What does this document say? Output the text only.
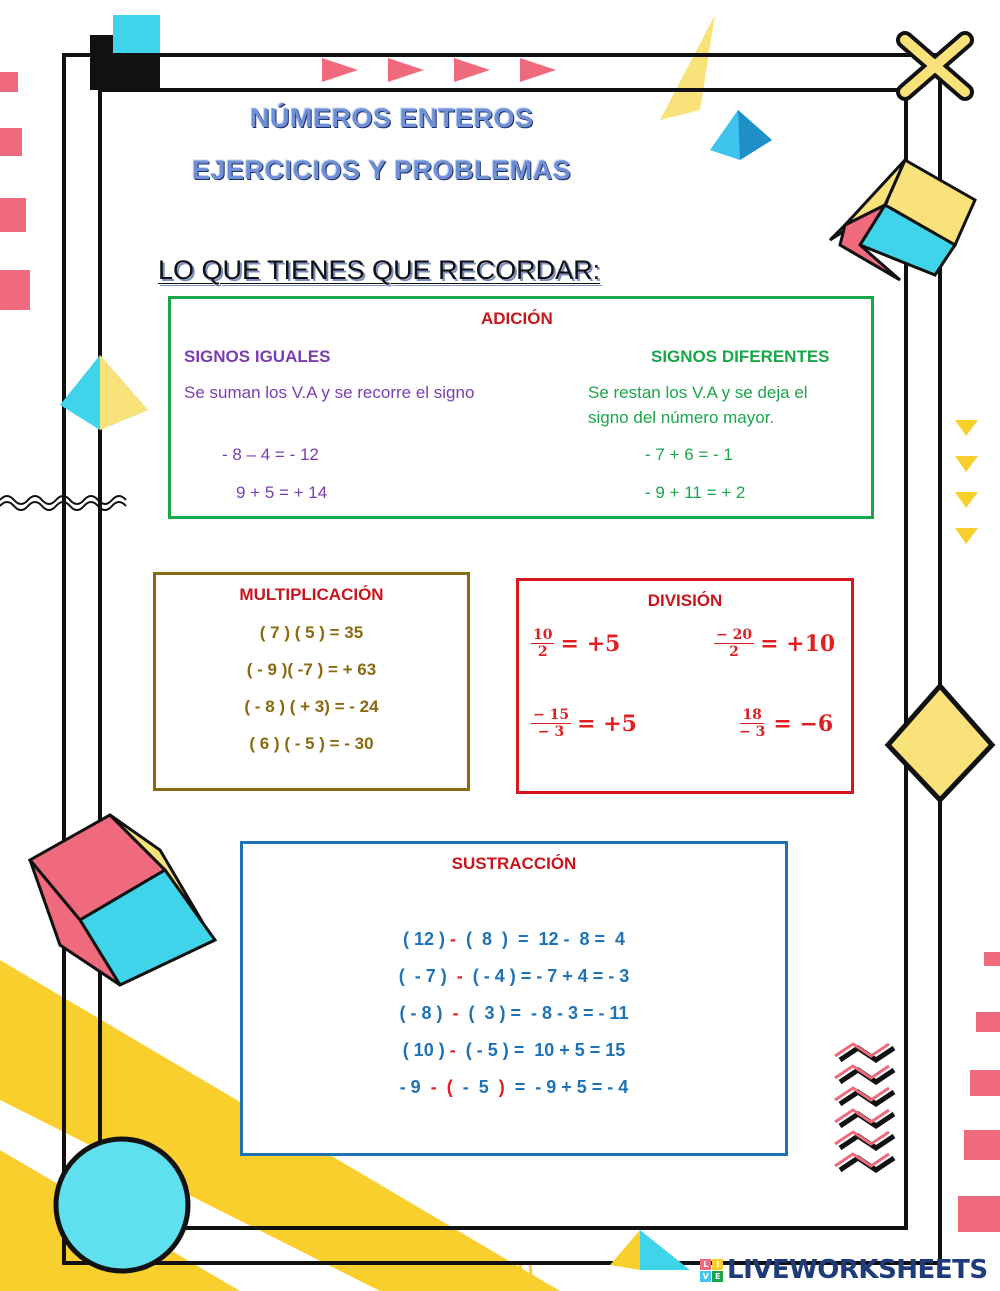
NÚMEROS ENTEROS
EJERCICIOS Y PROBLEMAS
LO QUE TIENES QUE RECORDAR:
ADICIÓN
SIGNOS IGUALES
Se suman los V.A y se recorre el signo
- 8 – 4 = - 12
9 + 5 = + 14
SIGNOS DIFERENTES
Se restan los V.A y se deja el
signo del número mayor.
- 7 + 6 = - 1
- 9 + 11 = + 2
MULTIPLICACIÓN
( 7 ) ( 5 ) = 35
( - 9 )( -7 ) = + 63
( - 8 ) ( + 3) = - 24
( 6 ) ( - 5 ) = - 30
DIVISIÓN
$\frac{10}{2} = +5$	$\frac{- 20}{2} = +10$
$\frac{- 15}{- 3} = +5$	$\frac{18}{- 3} = -6$
SUSTRACCIÓN
( 12 ) -  (  8  )  =  12 -  8 =  4
(  - 7 )  -  ( - 4 ) = - 7 + 4 = - 3
( - 8 )  -  (  3 ) =  - 8 - 3 = - 11
( 10 ) -  ( - 5 ) =  10 + 5 = 15
- 9  -  (  -  5  )  =  - 9 + 5 = - 4
L	I
V E LIVEWORKSHEETS
